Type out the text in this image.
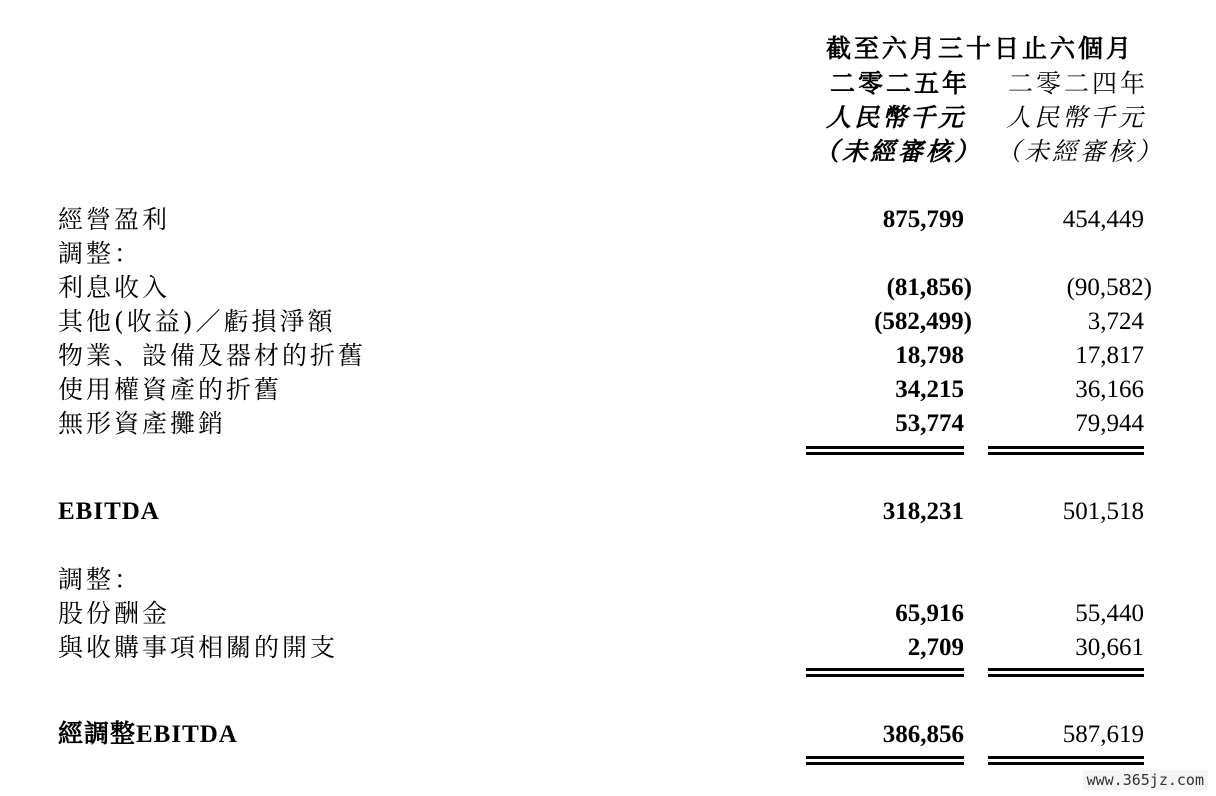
截至六月三十日止六個月
二零二五年 二零二四年
人民幣千元 人民幣千元
（未經審核） （未經審核）
經營盈利	875,799	454,449
調整：
利息收入	(81,856)	(90,582)
其他(收益)／虧損淨額	(582,499)	3,724
物業、設備及器材的折舊	18,798	17,817
使用權資產的折舊	34,215	36,166
無形資產攤銷	53,774	79,944
EBITDA	318,231	501,518
調整：
股份酬金	65,916	55,440
與收購事項相關的開支	2,709	30,661
經調整EBITDA	386,856	587,619
www.365jz.com
